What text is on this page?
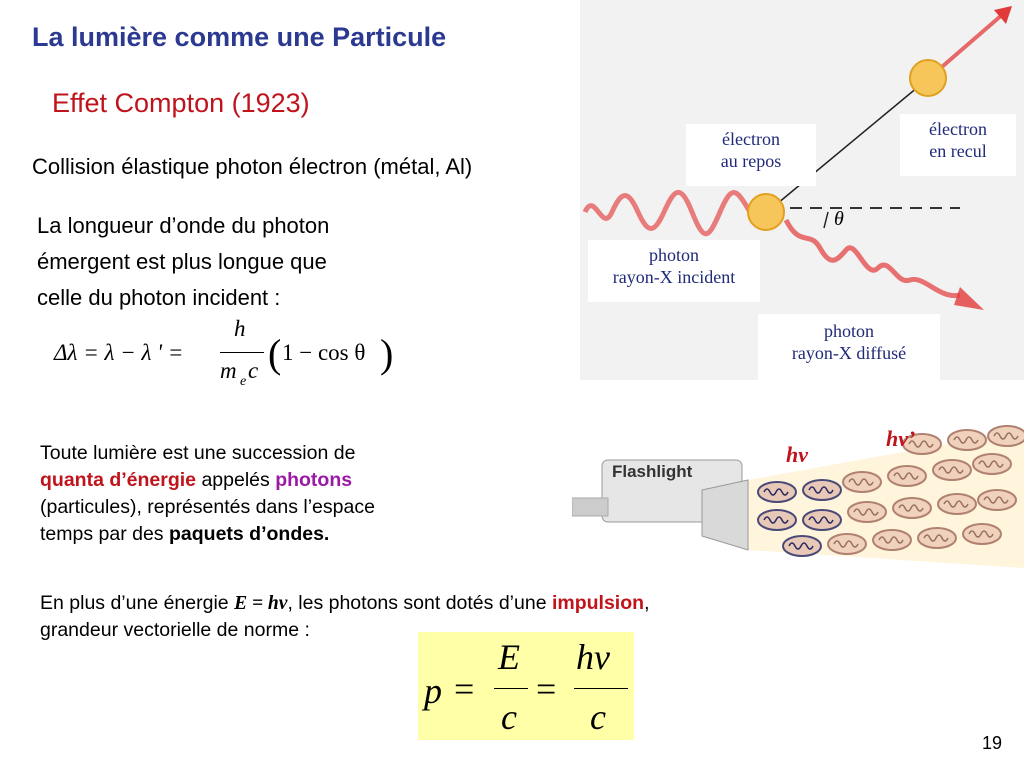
La lumière comme une Particule
Effet Compton (1923)
Collision élastique photon électron (métal, Al)
La longueur d’onde du photon
émergent est plus longue que
celle du photon incident :
Δλ = λ − λ ' =
h
m e c ( 1 − cos θ )
électron
au repos
électron
en recul
photon
rayon-X incident
photon
rayon-X diffusé
θ
Toute lumière est une succession de
quanta d’énergie appelés photons
(particules), représentés dans l’espace
temps par des paquets d’ondes.
Flashlight
hν
hν’
En plus d’une énergie E = hν, les photons sont dotés d’une impulsion,
grandeur vectorielle de norme :
p =
E
c
=
hν
c
19
